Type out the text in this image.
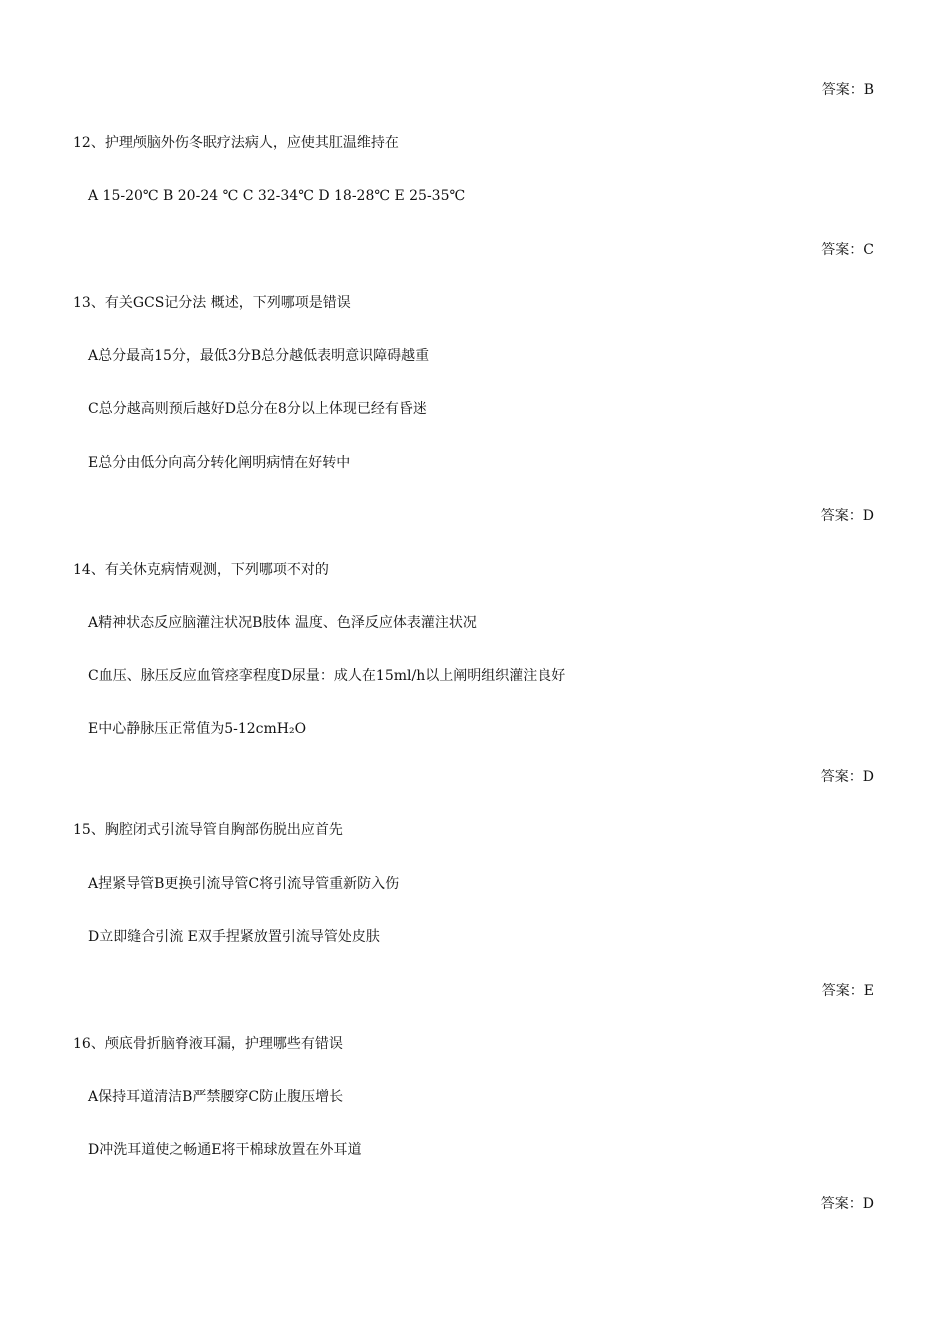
答案：B
12、护理颅脑外伤冬眠疗法病人，应使其肛温维持在
A 15-20℃ B 20-24 ℃ C 32-34℃ D 18-28℃ E 25-35℃
答案：C
13、有关GCS记分法 概述，下列哪项是错误
A总分最高15分，最低3分B总分越低表明意识障碍越重
C总分越高则预后越好D总分在8分以上体现已经有昏迷
E总分由低分向高分转化阐明病情在好转中
答案：D
14、有关休克病情观测，下列哪项不对的
A精神状态反应脑灌注状况B肢体 温度、色泽反应体表灌注状况
C血压、脉压反应血管痉挛程度D尿量：成人在15ml/h以上阐明组织灌注良好
E中心静脉压正常值为5-12cmH₂O
答案：D
15、胸腔闭式引流导管自胸部伤脱出应首先
A捏紧导管B更换引流导管C将引流导管重新防入伤
D立即缝合引流 E双手捏紧放置引流导管处皮肤
答案：E
16、颅底骨折脑脊液耳漏，护理哪些有错误
A保持耳道清洁B严禁腰穿C防止腹压增长
D冲洗耳道使之畅通E将干棉球放置在外耳道
答案：D
